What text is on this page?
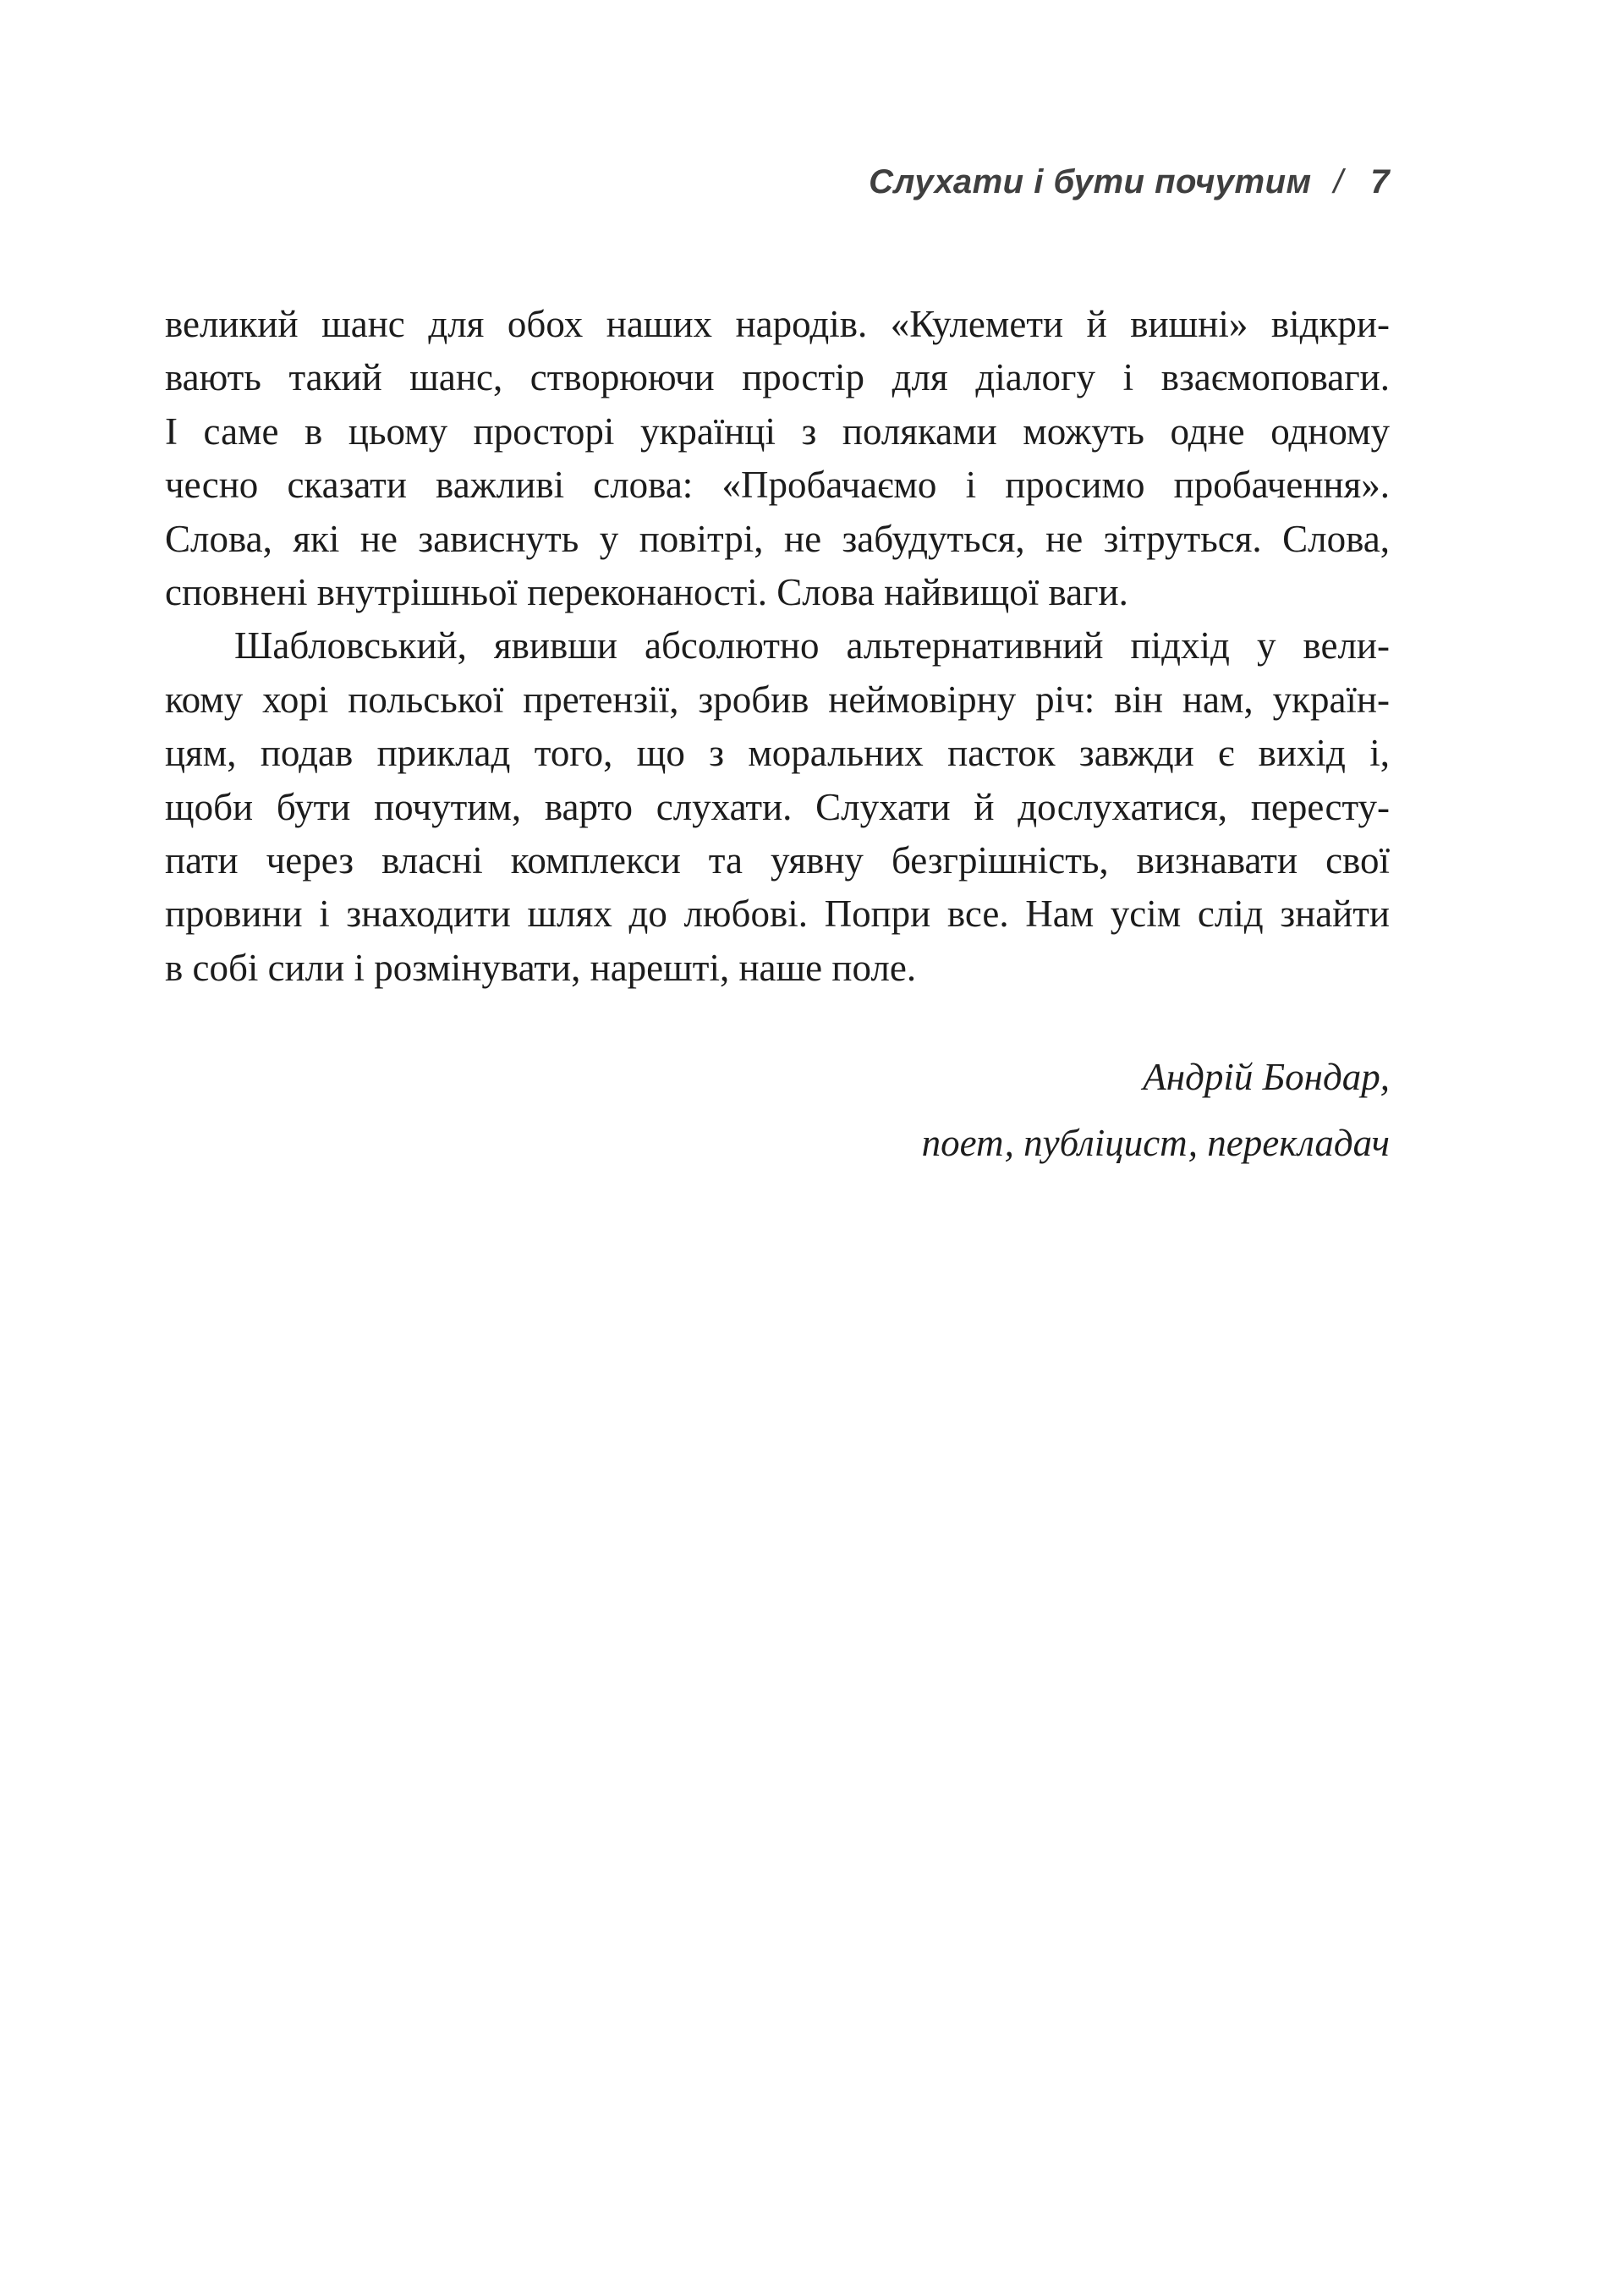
Слухати і бути почутим / 7
великий шанс для обох наших народів. «Кулемети й вишні» відкри-
вають такий шанс, створюючи простір для діалогу і взаємоповаги.
І саме в цьому просторі українці з поляками можуть одне одному
чесно сказати важливі слова: «Пробачаємо і просимо пробачення».
Слова, які не зависнуть у повітрі, не забудуться, не зітруться. Слова,
сповнені внутрішньої переконаності. Слова найвищої ваги.
Шабловський, явивши абсолютно альтернативний підхід у вели-
кому хорі польської претензії, зробив неймовірну річ: він нам, україн-
цям, подав приклад того, що з моральних пасток завжди є вихід і,
щоби бути почутим, варто слухати. Слухати й дослухатися, пересту-
пати через власні комплекси та уявну безгрішність, визнавати свої
провини і знаходити шлях до любові. Попри все. Нам усім слід знайти
в собі сили і розмінувати, нарешті, наше поле.
Андрій Бондар,
поет, публіцист, перекладач
